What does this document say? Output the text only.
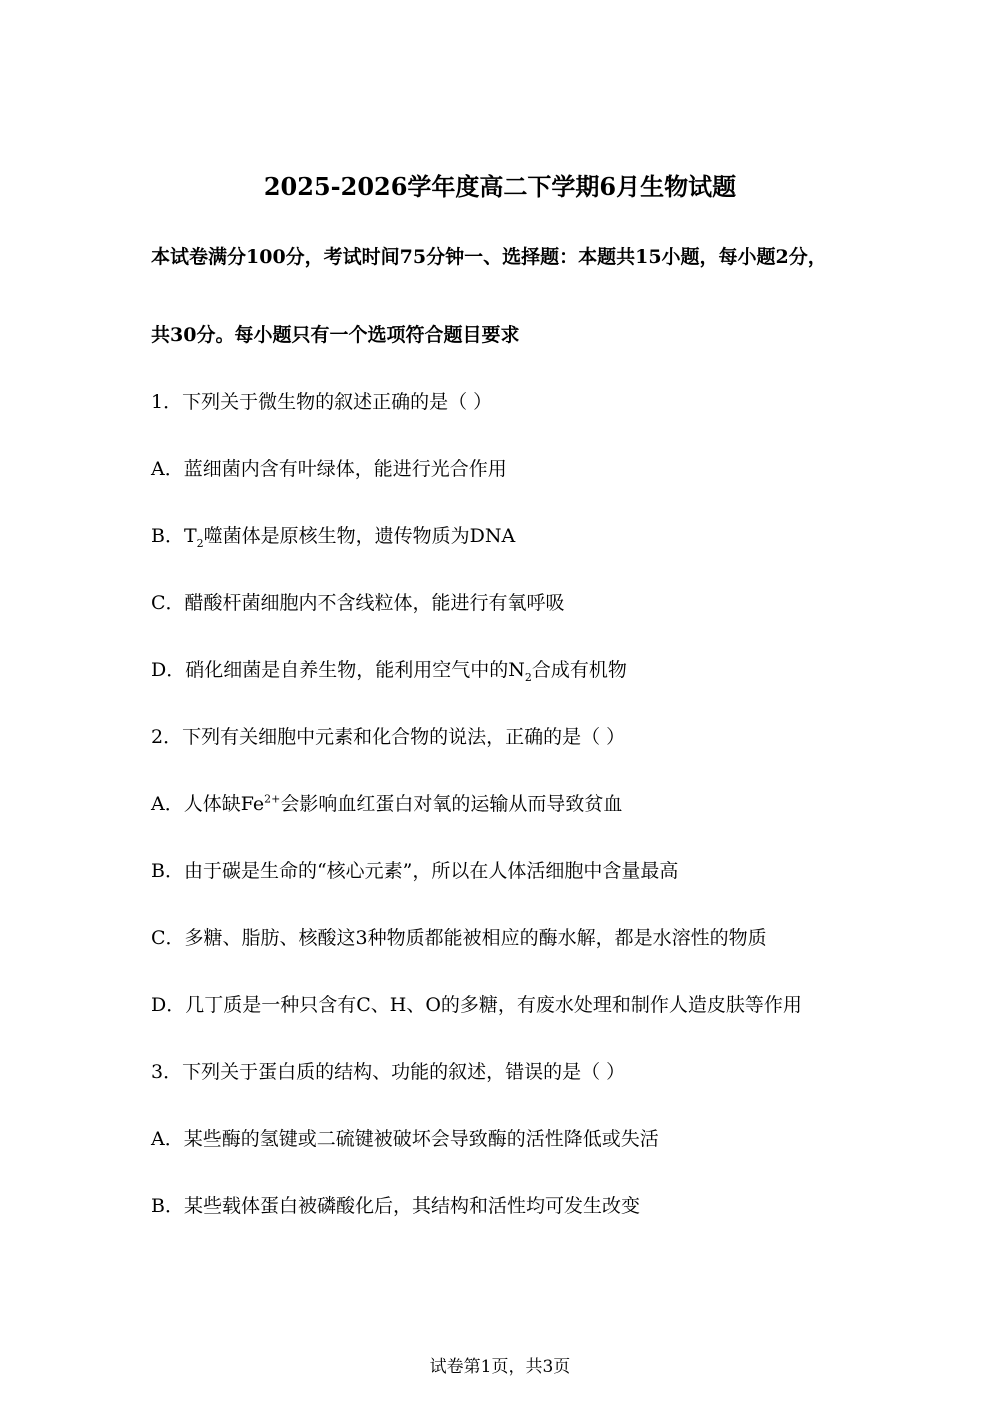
2025-2026学年度高二下学期6月生物试题
本试卷满分100分，考试时间75分钟一、选择题：本题共15小题，每小题2分，
共30分。每小题只有一个选项符合题目要求
1．下列关于微生物的叙述正确的是（ ）
A．蓝细菌内含有叶绿体，能进行光合作用
B．$T_2$噬菌体是原核生物，遗传物质为DNA
C．醋酸杆菌细胞内不含线粒体，能进行有氧呼吸
D．硝化细菌是自养生物，能利用空气中的$N_2$合成有机物
2．下列有关细胞中元素和化合物的说法，正确的是（ ）
A．人体缺$Fe^{2+}$会影响血红蛋白对氧的运输从而导致贫血
B．由于碳是生命的“核心元素”，所以在人体活细胞中含量最高
C．多糖、脂肪、核酸这3种物质都能被相应的酶水解，都是水溶性的物质
D．几丁质是一种只含有C、H、O的多糖，有废水处理和制作人造皮肤等作用
3．下列关于蛋白质的结构、功能的叙述，错误的是（ ）
A．某些酶的氢键或二硫键被破坏会导致酶的活性降低或失活
B．某些载体蛋白被磷酸化后，其结构和活性均可发生改变
试卷第1页，共3页
